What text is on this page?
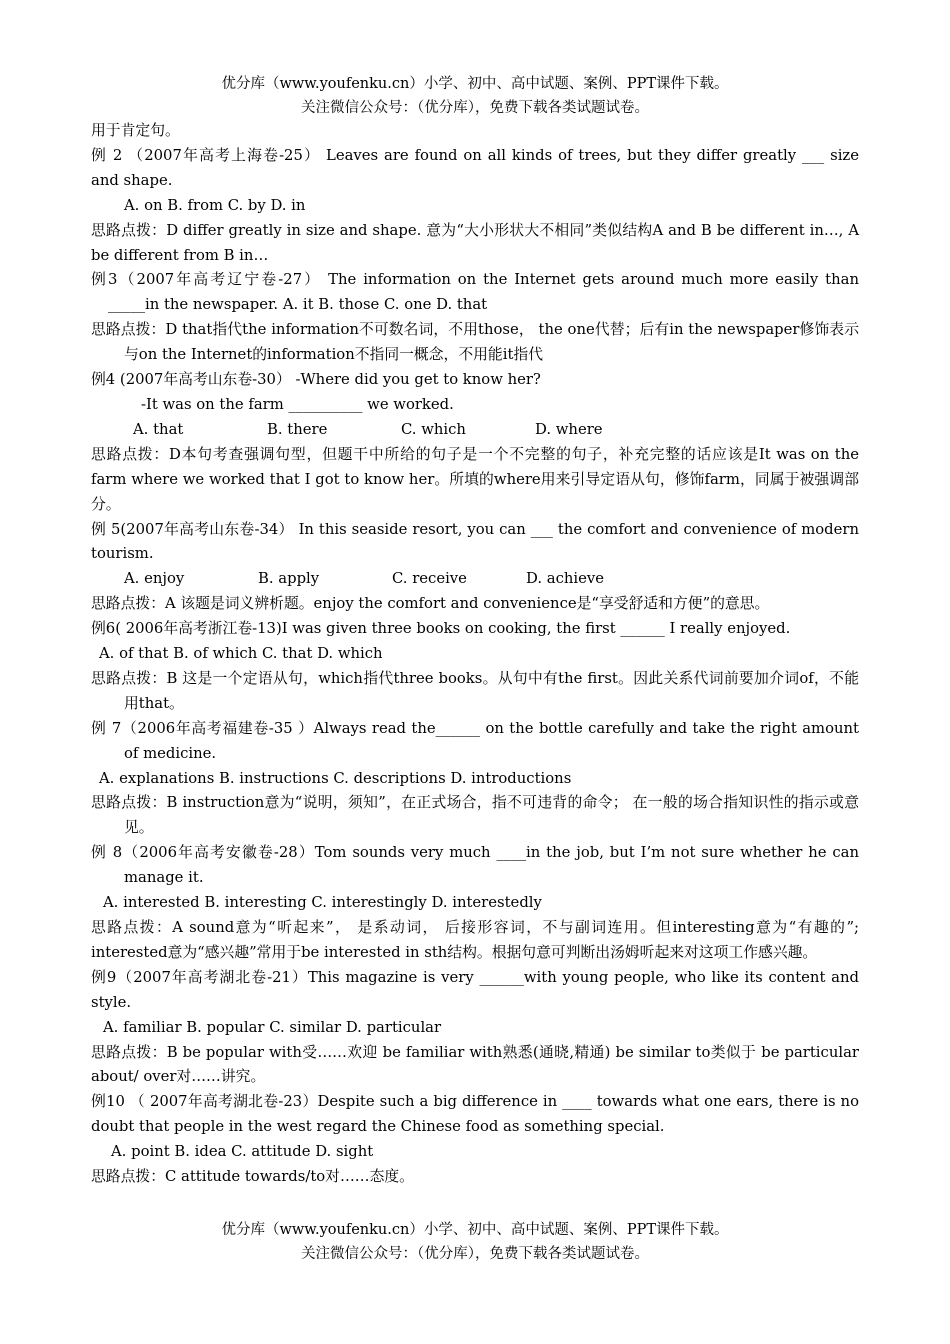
优分库（www.youfenku.cn）小学、初中、高中试题、案例、PPT课件下载。
关注微信公众号：（优分库），免费下载各类试题试卷。

用于肯定句。

例 2 （2007年高考上海卷-25） Leaves are found on all kinds of trees, but they differ greatly ___ size and shape.

A. on B. from C. by D. in

思路点拨：D differ greatly in size and shape. 意为“大小形状大不相同”类似结构A and B be different in…, A be different from B in…

例3（2007年高考辽宁卷-27） The information on the Internet gets around much more easily than _____in the newspaper. A. it B. those C. one D. that

思路点拨：D that指代the information不可数名词，不用those， the one代替；后有in the newspaper修饰表示与on the Internet的information不指同一概念，不用能it指代

例4 (2007年高考山东卷-30） -Where did you get to know her?

-It was on the farm __________ we worked.

A. that	B. there	C. which	D. where

思路点拨：D本句考查强调句型，但题干中所给的句子是一个不完整的句子，补充完整的话应该是It was on the farm where we worked that I got to know her。所填的where用来引导定语从句，修饰farm，同属于被强调部分。

例 5(2007年高考山东卷-34） In this seaside resort, you can ___ the comfort and convenience of modern tourism.

A. enjoy	B. apply	C. receive	D. achieve

思路点拨：A 该题是词义辨析题。enjoy the comfort and convenience是“享受舒适和方便”的意思。

例6( 2006年高考浙江卷-13)I was given three books on cooking, the first ______ I really enjoyed.

A. of that B. of which C. that D. which

思路点拨：B 这是一个定语从句，which指代three books。从句中有the first。因此关系代词前要加介词of，不能用that。

例 7（2006年高考福建卷-35 ）Always read the______ on the bottle carefully and take the right amount of medicine.

A. explanations B. instructions C. descriptions D. introductions

思路点拨：B instruction意为“说明，须知”，在正式场合，指不可违背的命令； 在一般的场合指知识性的指示或意见。

例 8（2006年高考安徽卷-28）Tom sounds very much ____in the job, but I’m not sure whether he can manage it.

A. interested B. interesting C. interestingly D. interestedly

思路点拨：A sound意为“听起来”， 是系动词， 后接形容词，不与副词连用。但interesting意为“有趣的”; interested意为“感兴趣”常用于be interested in sth结构。根据句意可判断出汤姆听起来对这项工作感兴趣。

例9（2007年高考湖北卷-21）This magazine is very ______with young people, who like its content and style.

A. familiar B. popular C. similar D. particular

思路点拨：B be popular with受……欢迎 be familiar with熟悉(通晓,精通) be similar to类似于 be particular about/ over对……讲究。

例10 （ 2007年高考湖北卷-23）Despite such a big difference in ____ towards what one ears, there is no doubt that people in the west regard the Chinese food as something special.

A. point B. idea C. attitude D. sight

思路点拨：C attitude towards/to对……态度。

优分库（www.youfenku.cn）小学、初中、高中试题、案例、PPT课件下载。
关注微信公众号：（优分库），免费下载各类试题试卷。
